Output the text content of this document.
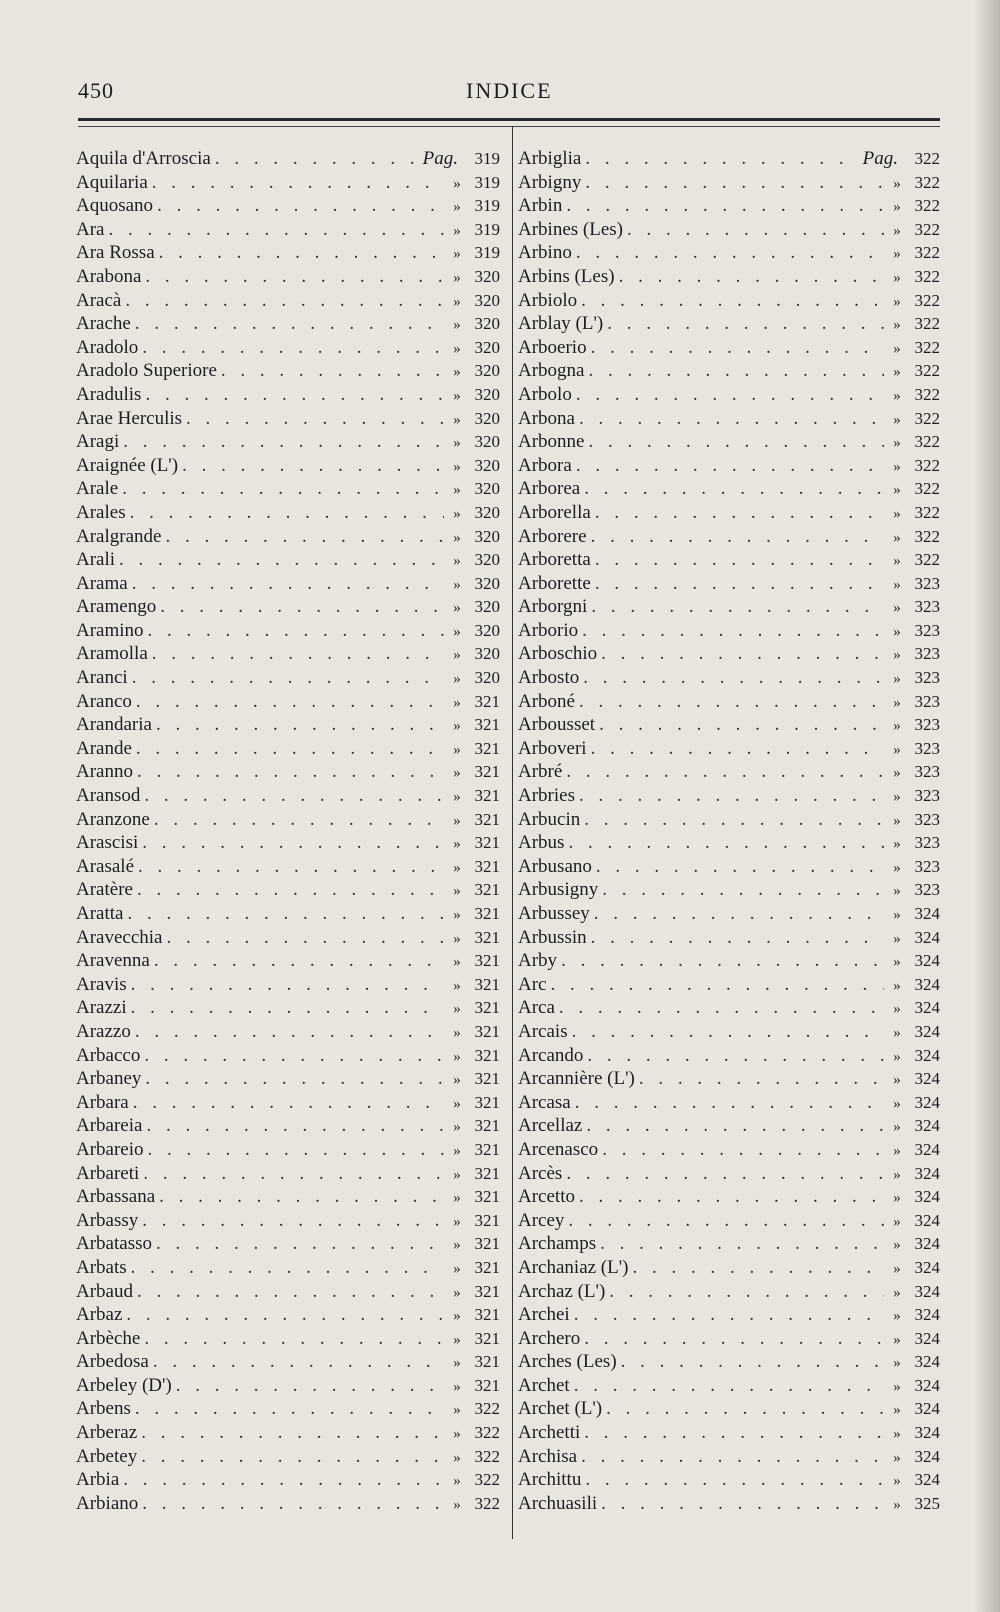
450	INDICE
Aquila d'Arroscia . . .	Pag. 319
Aquilaria . . .	» 319
Aquosano . . .	» 319
Ara . . .	» 319
Ara Rossa . . .	» 319
Arabona . . .	» 320
Aracà . . .	» 320
Arache . . .	» 320
Aradolo . . .	» 320
Aradolo Superiore . . .	» 320
Aradulis . . .	» 320
Arae Herculis . . .	» 320
Aragi . . .	» 320
Araignée (L') . . .	» 320
Arale . . .	» 320
Arales . . .	» 320
Aralgrande . . .	» 320
Arali . . .	» 320
Arama . . .	» 320
Aramengo . . .	» 320
Aramino . . .	» 320
Aramolla . . .	» 320
Aranci . . .	» 320
Aranco . . .	» 321
Arandaria . . .	» 321
Arande . . .	» 321
Aranno . . .	» 321
Aransod . . .	» 321
Aranzone . . .	» 321
Arascisi . . .	» 321
Arasalé . . .	» 321
Aratère . . .	» 321
Aratta . . .	» 321
Aravecchia . . .	» 321
Aravenna . . .	» 321
Aravis . . .	» 321
Arazzi . . .	» 321
Arazzo . . .	» 321
Arbacco . . .	» 321
Arbaney . . .	» 321
Arbara . . .	» 321
Arbareia . . .	» 321
Arbareio . . .	» 321
Arbareti . . .	» 321
Arbassana . . .	» 321
Arbassy . . .	» 321
Arbatasso . . .	» 321
Arbats . . .	» 321
Arbaud . . .	» 321
Arbaz . . .	» 321
Arbèche . . .	» 321
Arbedosa . . .	» 321
Arbeley (D') . . .	» 321
Arbens . . .	» 322
Arberaz . . .	» 322
Arbetey . . .	» 322
Arbia . . .	» 322
Arbiano . . .	» 322
Arbiglia . . .	Pag. 322
Arbigny . . .	» 322
Arbin . . .	» 322
Arbines (Les) . . .	» 322
Arbino . . .	» 322
Arbins (Les) . . .	» 322
Arbiolo . . .	» 322
Arblay (L') . . .	» 322
Arboerio . . .	» 322
Arbogna . . .	» 322
Arbolo . . .	» 322
Arbona . . .	» 322
Arbonne . . .	» 322
Arbora . . .	» 322
Arborea . . .	» 322
Arborella . . .	» 322
Arborere . . .	» 322
Arboretta . . .	» 322
Arborette . . .	» 323
Arborgni . . .	» 323
Arborio . . .	» 323
Arboschio . . .	» 323
Arbosto . . .	» 323
Arboné . . .	» 323
Arbousset . . .	» 323
Arboveri . . .	» 323
Arbré . . .	» 323
Arbries . . .	» 323
Arbucin . . .	» 323
Arbus . . .	» 323
Arbusano . . .	» 323
Arbusigny . . .	» 323
Arbussey . . .	» 324
Arbussin . . .	» 324
Arby . . .	» 324
Arc . . .	» 324
Arca . . .	» 324
Arcais . . .	» 324
Arcando . . .	» 324
Arcannière (L') . . .	» 324
Arcasa . . .	» 324
Arcellaz . . .	» 324
Arcenasco . . .	» 324
Arcès . . .	» 324
Arcetto . . .	» 324
Arcey . . .	» 324
Archamps . . .	» 324
Archaniaz (L') . . .	» 324
Archaz (L') . . .	» 324
Archei . . .	» 324
Archero . . .	» 324
Arches (Les) . . .	» 324
Archet . . .	» 324
Archet (L') . . .	» 324
Archetti . . .	» 324
Archisa . . .	» 324
Archittu . . .	» 324
Archuasili . . .	» 325
